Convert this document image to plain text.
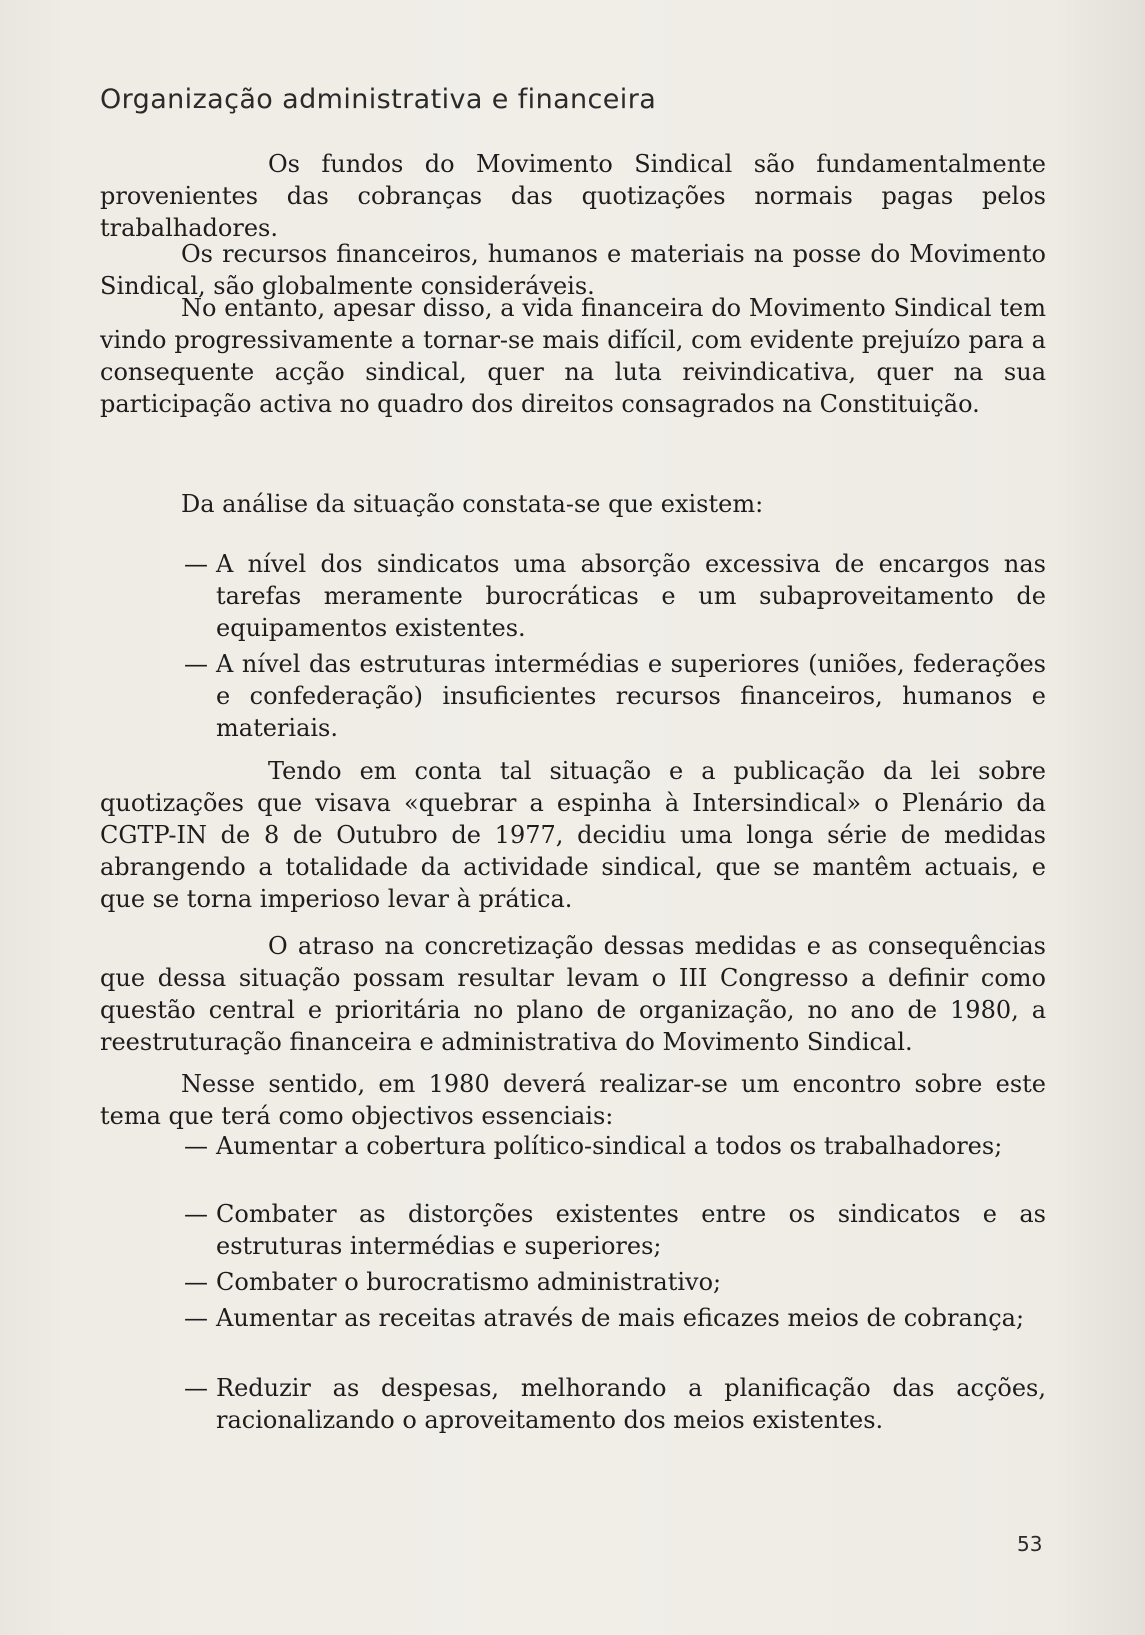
Organização administrativa e financeira

Os fundos do Movimento Sindical são fundamentalmente provenientes das cobranças das quotizações normais pagas pelos trabalhadores.

Os recursos financeiros, humanos e materiais na posse do Movimento Sindical, são globalmente consideráveis.

No entanto, apesar disso, a vida financeira do Movimento Sindical tem vindo progressivamente a tornar-se mais difícil, com evidente prejuízo para a consequente acção sindical, quer na luta reivindicativa, quer na sua participação activa no quadro dos direitos consagrados na Constituição.

Da análise da situação constata-se que existem:

— A nível dos sindicatos uma absorção excessiva de encargos nas tarefas meramente burocráticas e um subaproveitamento de equipamentos existentes.
— A nível das estruturas intermédias e superiores (uniões, federações e confederação) insuficientes recursos financeiros, humanos e materiais.

Tendo em conta tal situação e a publicação da lei sobre quotizações que visava «quebrar a espinha à Intersindical» o Plenário da CGTP-IN de 8 de Outubro de 1977, decidiu uma longa série de medidas abrangendo a totalidade da actividade sindical, que se mantêm actuais, e que se torna imperioso levar à prática.

O atraso na concretização dessas medidas e as consequências que dessa situação possam resultar levam o III Congresso a definir como questão central e prioritária no plano de organização, no ano de 1980, a reestruturação financeira e administrativa do Movimento Sindical.

Nesse sentido, em 1980 deverá realizar-se um encontro sobre este tema que terá como objectivos essenciais:

— Aumentar a cobertura político-sindical a todos os trabalhadores;
— Combater as distorções existentes entre os sindicatos e as estruturas intermédias e superiores;
— Combater o burocratismo administrativo;
— Aumentar as receitas através de mais eficazes meios de cobrança;
— Reduzir as despesas, melhorando a planificação das acções, racionalizando o aproveitamento dos meios existentes.
53
